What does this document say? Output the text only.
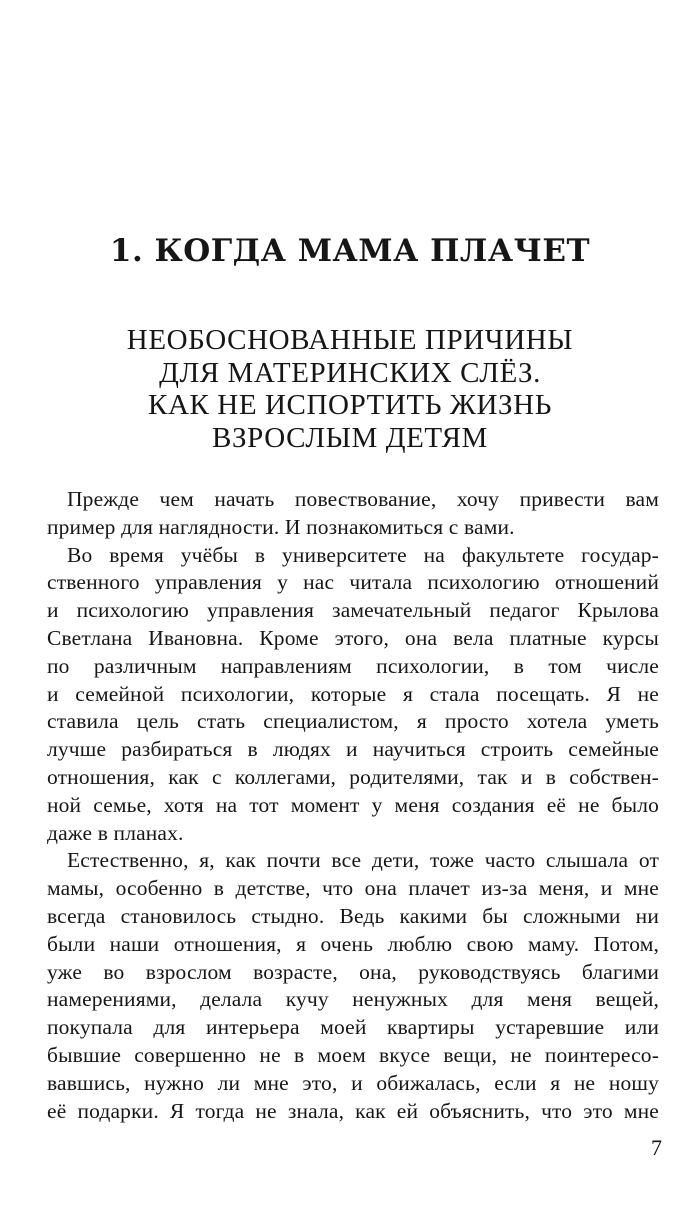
1. КОГДА МАМА ПЛАЧЕТ
НЕОБОСНОВАННЫЕ ПРИЧИНЫ
ДЛЯ МАТЕРИНСКИХ СЛЁЗ.
КАК НЕ ИСПОРТИТЬ ЖИЗНЬ
ВЗРОСЛЫМ ДЕТЯМ
Прежде чем начать повествование, хочу привести вам
пример для наглядности. И познакомиться с вами.
Во время учёбы в университете на факультете государ-
ственного управления у нас читала психологию отношений
и психологию управления замечательный педагог Крылова
Светлана Ивановна. Кроме этого, она вела платные курсы
по различным направлениям психологии, в том числе
и семейной психологии, которые я стала посещать. Я не
ставила цель стать специалистом, я просто хотела уметь
лучше разбираться в людях и научиться строить семейные
отношения, как с коллегами, родителями, так и в собствен-
ной семье, хотя на тот момент у меня создания её не было
даже в планах.
Естественно, я, как почти все дети, тоже часто слышала от
мамы, особенно в детстве, что она плачет из-за меня, и мне
всегда становилось стыдно. Ведь какими бы сложными ни
были наши отношения, я очень люблю свою маму. Потом,
уже во взрослом возрасте, она, руководствуясь благими
намерениями, делала кучу ненужных для меня вещей,
покупала для интерьера моей квартиры устаревшие или
бывшие совершенно не в моем вкусе вещи, не поинтересо-
вавшись, нужно ли мне это, и обижалась, если я не ношу
её подарки. Я тогда не знала, как ей объяснить, что это мне
7
